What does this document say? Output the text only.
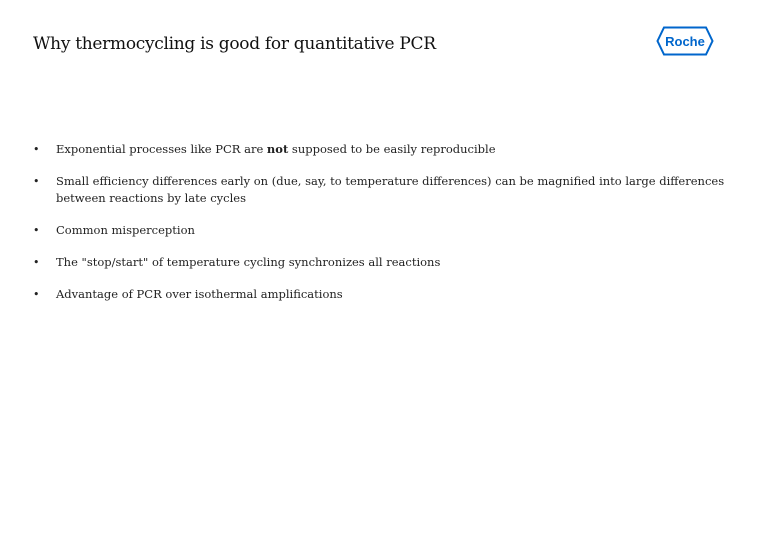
Why thermocycling is good for quantitative PCR	Roche
• Exponential processes like PCR are not supposed to be easily reproducible
• Small efficiency differences early on (due, say, to temperature differences) can be magnified into large differences between reactions by late cycles
• Common misperception
• The "stop/start" of temperature cycling synchronizes all reactions
• Advantage of PCR over isothermal amplifications
